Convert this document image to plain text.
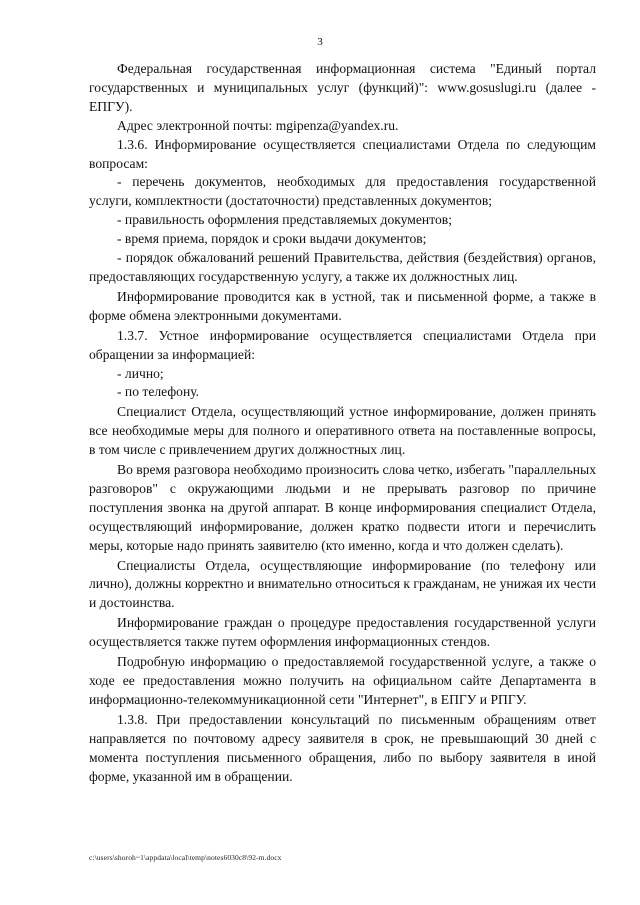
3

Федеральная государственная информационная система "Единый портал государственных и муниципальных услуг (функций)": www.gosuslugi.ru (далее - ЕПГУ).

Адрес электронной почты: mgipenza@yandex.ru.

1.3.6. Информирование осуществляется специалистами Отдела по следующим вопросам:

- перечень документов, необходимых для предоставления государственной услуги, комплектности (достаточности) представленных документов;

- правильность оформления представляемых документов;

- время приема, порядок и сроки выдачи документов;

- порядок обжалований решений Правительства, действия (бездействия) органов, предоставляющих государственную услугу, а также их должностных лиц.

Информирование проводится как в устной, так и письменной форме, а также в форме обмена электронными документами.

1.3.7. Устное информирование осуществляется специалистами Отдела при обращении за информацией:

- лично;

- по телефону.

Специалист Отдела, осуществляющий устное информирование, должен принять все необходимые меры для полного и оперативного ответа на поставленные вопросы, в том числе с привлечением других должностных лиц.

Во время разговора необходимо произносить слова четко, избегать "параллельных разговоров" с окружающими людьми и не прерывать разговор по причине поступления звонка на другой аппарат. В конце информирования специалист Отдела, осуществляющий информирование, должен кратко подвести итоги и перечислить меры, которые надо принять заявителю (кто именно, когда и что должен сделать).

Специалисты Отдела, осуществляющие информирование (по телефону или лично), должны корректно и внимательно относиться к гражданам, не унижая их чести и достоинства.

Информирование граждан о процедуре предоставления государственной услуги осуществляется также путем оформления информационных стендов.

Подробную информацию о предоставляемой государственной услуге, а также о ходе ее предоставления можно получить на официальном сайте Департамента в информационно-телекоммуникационной сети "Интернет", в ЕПГУ и РПГУ.

1.3.8. При предоставлении консультаций по письменным обращениям ответ направляется по почтовому адресу заявителя в срок, не превышающий 30 дней с момента поступления письменного обращения, либо по выбору заявителя в иной форме, указанной им в обращении.

c:\users\shoroh~1\appdata\local\temp\notes6030c8\92-m.docx
